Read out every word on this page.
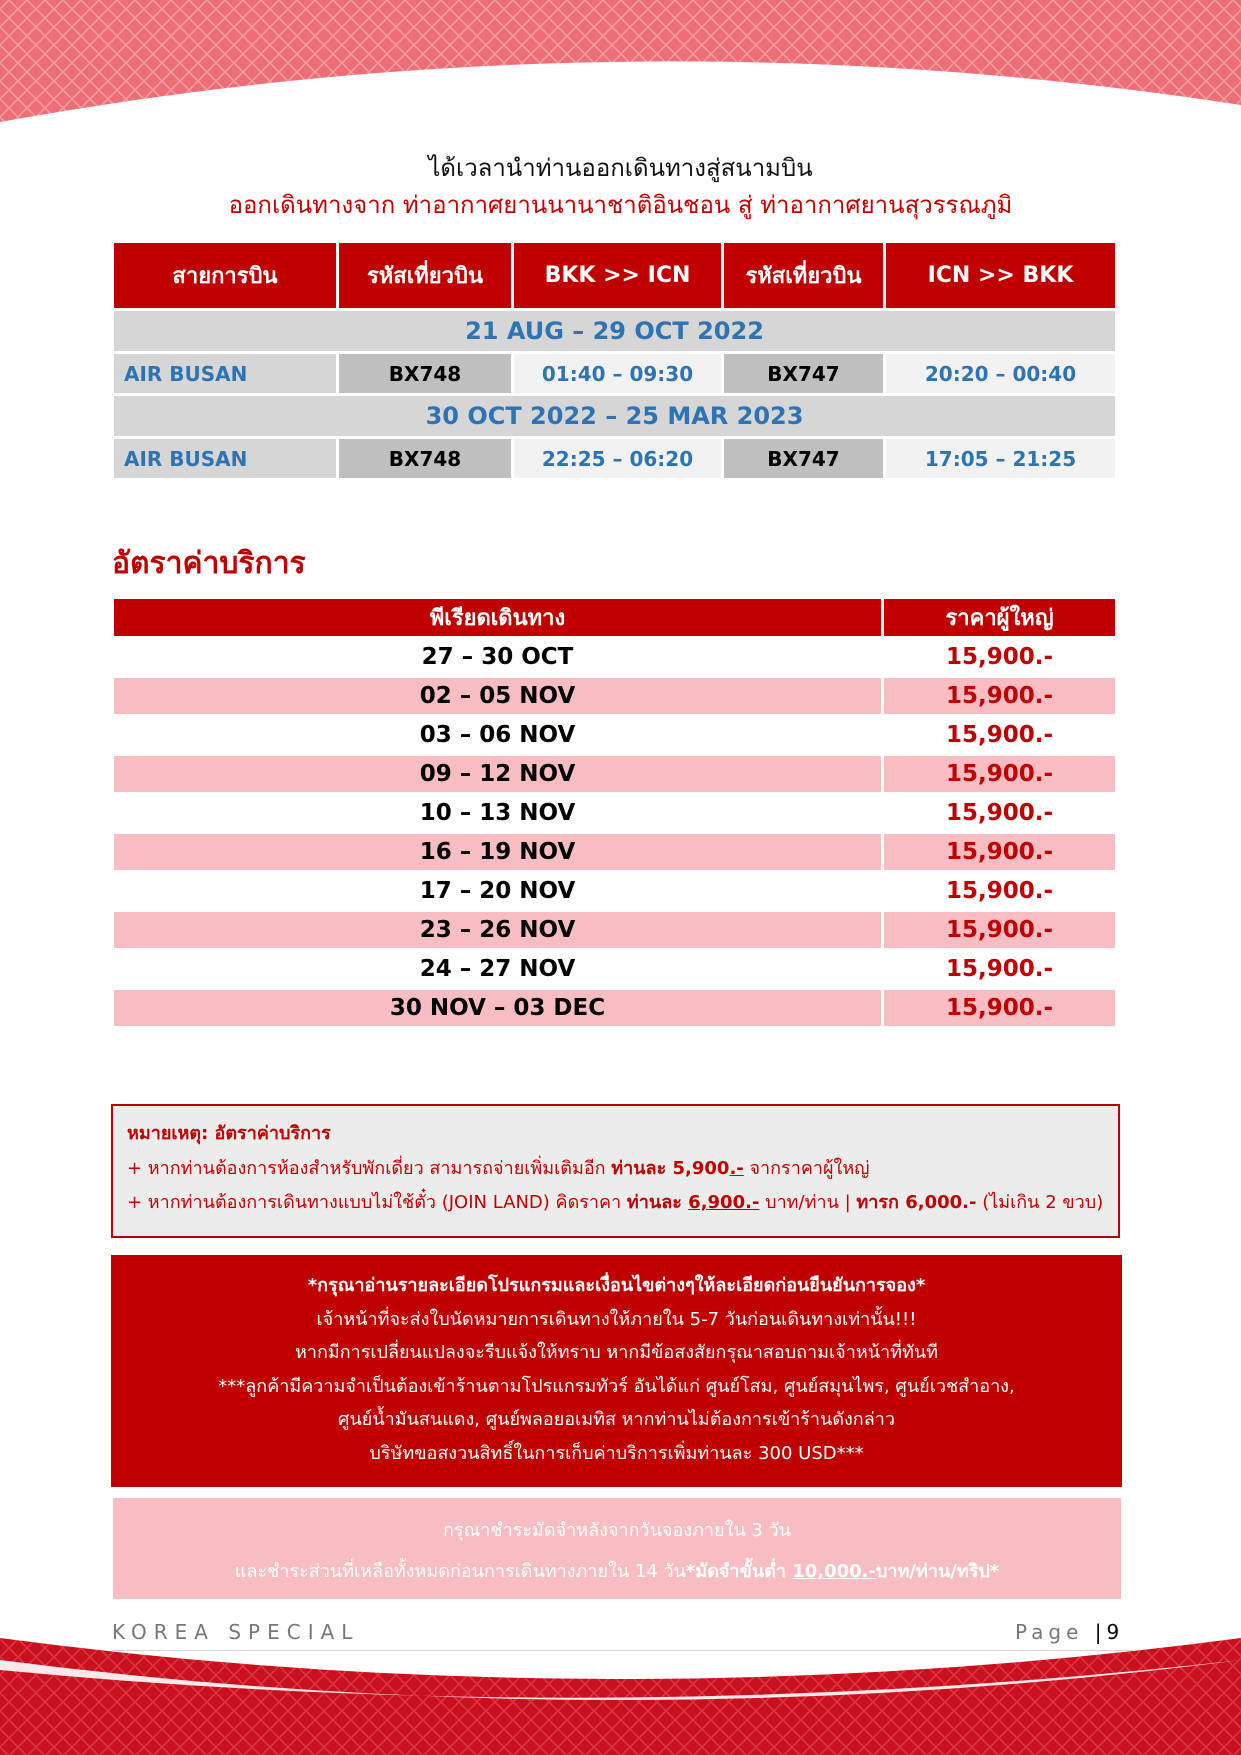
ได้เวลานำท่านออกเดินทางสู่สนามบิน
ออกเดินทางจาก ท่าอากาศยานนานาชาติอินชอน สู่ ท่าอากาศยานสุวรรณภูมิ
สายการบิน	รหัสเที่ยวบิน	BKK >> ICN	รหัสเที่ยวบิน	ICN >> BKK
21 AUG – 29 OCT 2022				
AIR BUSAN	BX748	01:40 – 09:30	BX747	20:20 – 00:40
30 OCT 2022 – 25 MAR 2023				
AIR BUSAN	BX748	22:25 – 06:20	BX747	17:05 – 21:25
อัตราค่าบริการ
พีเรียดเดินทาง	ราคาผู้ใหญ่
27 – 30 OCT	15,900.-
02 – 05 NOV	15,900.-
03 – 06 NOV	15,900.-
09 – 12 NOV	15,900.-
10 – 13 NOV	15,900.-
16 – 19 NOV	15,900.-
17 – 20 NOV	15,900.-
23 – 26 NOV	15,900.-
24 – 27 NOV	15,900.-
30 NOV – 03 DEC	15,900.-
หมายเหตุ: อัตราค่าบริการ
+ หากท่านต้องการห้องสำหรับพักเดี่ยว สามารถจ่ายเพิ่มเติมอีก ท่านละ 5,900.- จากราคาผู้ใหญ่
+ หากท่านต้องการเดินทางแบบไม่ใช้ตั๋ว (JOIN LAND) คิดราคา ท่านละ 6,900.- บาท/ท่าน | ทารก 6,000.- (ไม่เกิน 2 ขวบ)
*กรุณาอ่านรายละเอียดโปรแกรมและเงื่อนไขต่างๆให้ละเอียดก่อนยืนยันการจอง*
เจ้าหน้าที่จะส่งใบนัดหมายการเดินทางให้ภายใน 5-7 วันก่อนเดินทางเท่านั้น!!!
หากมีการเปลี่ยนแปลงจะรีบแจ้งให้ทราบ หากมีข้อสงสัยกรุณาสอบถามเจ้าหน้าที่ทันที
***ลูกค้ามีความจำเป็นต้องเข้าร้านตามโปรแกรมทัวร์ อันได้แก่ ศูนย์โสม, ศูนย์สมุนไพร, ศูนย์เวชสำอาง,
ศูนย์น้ำมันสนแดง, ศูนย์พลอยอเมทิส หากท่านไม่ต้องการเข้าร้านดังกล่าว
บริษัทขอสงวนสิทธิ์ในการเก็บค่าบริการเพิ่มท่านละ 300 USD***
กรุณาชำระมัดจำหลังจากวันจองภายใน 3 วัน
และชำระส่วนที่เหลือทั้งหมดก่อนการเดินทางภายใน 14 วัน*มัดจำขั้นต่ำ 10,000.-บาท/ท่าน/ทริป*
KOREA SPECIAL	Page |9
